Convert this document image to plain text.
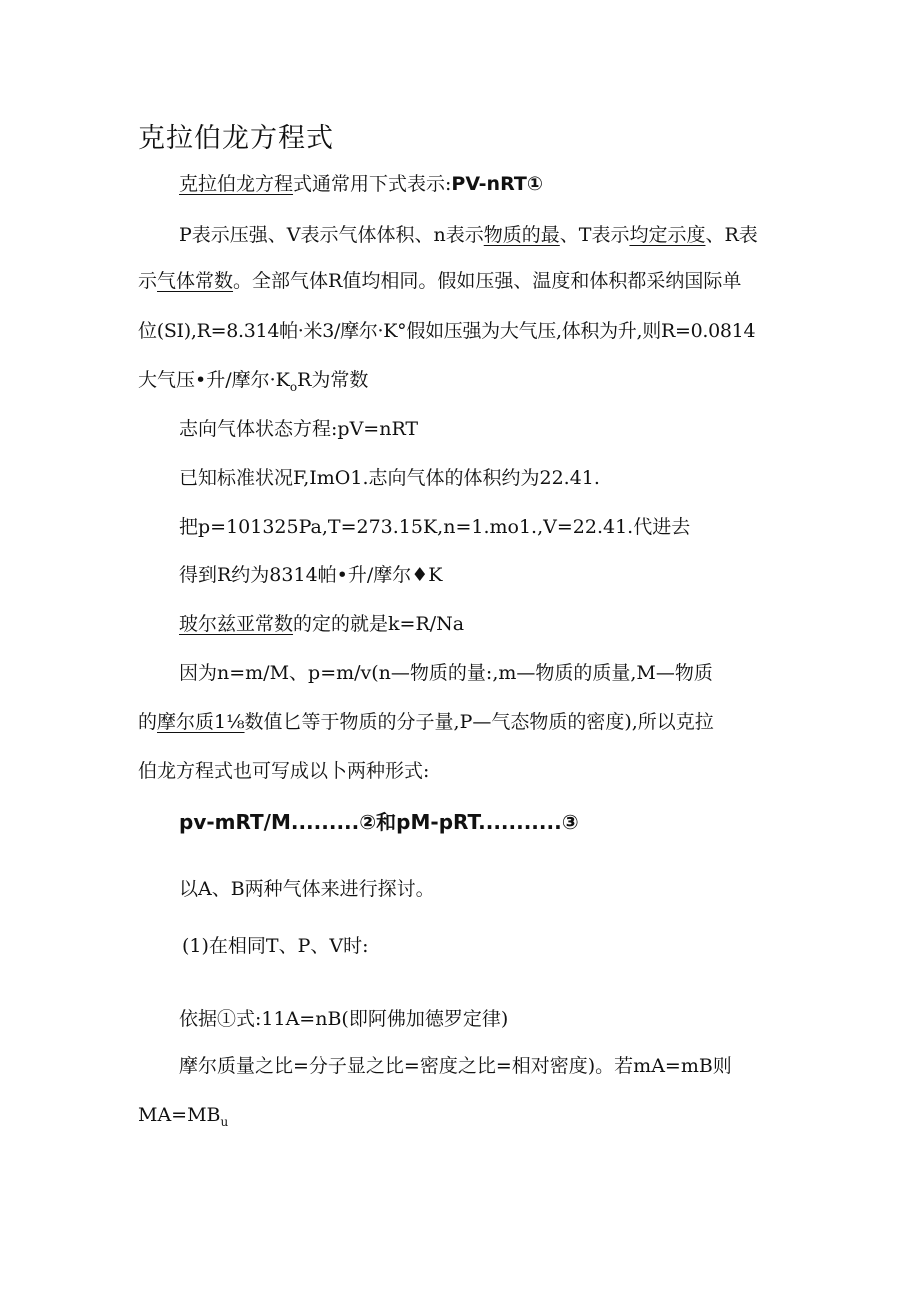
克拉伯龙方程式
克拉伯龙方程式通常用下式表示:PV-nRT①
P表示压强、V表示气体体积、n表示物质的最、T表示均定示度、R表
示气体常数。全部气体R值均相同。假如压强、温度和体积都采纳国际单
位(SI),R=8.314帕·米3/摩尔·K°假如压强为大气压,体积为升,则R=0.0814
大气压•升/摩尔$\cdot K_oR$为常数
志向气体状态方程:pV=nRT
已知标准状况F,ImO1.志向气体的体积约为22.41.
把p=101325Pa,T=273.15K,n=1.mo1.,V=22.41.代进去
得到R约为8314帕•升/摩尔♦K
玻尔兹亚常数的定的就是k=R∕Na
因为n=m/M、p=m∕v(n—物质的量:,m—物质的质量,M—物质
的摩尔质1⅛数值匕等于物质的分子量,P—气态物质的密度),所以克拉
伯龙方程式也可写成以卜两种形式:
pv-mRT/M.........②和pM-pRT...........③
以A、B两种气体来进行探讨。
(1)在相同T、P、V时:
依据①式:11A=nB(即阿佛加德罗定律)
摩尔质量之比=分子显之比=密度之比=相对密度)。若mA=mB则
$MA=MB_u$
